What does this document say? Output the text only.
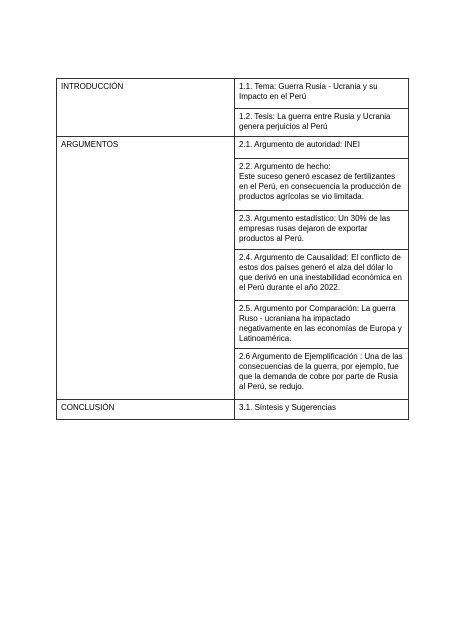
INTRODUCCIÓN	1.1. Tema: Guerra Rusia - Ucrania y su Impacto en el Perú
	1.2. Tesis: La guerra entre Rusia y Ucrania genera perjuicios al Perú
ARGUMENTOS	2.1. Argumento de autoridad: INEI
	2.2. Argumento de hecho:
Este suceso generó escasez de fertilizantes en el Perú, en consecuencia la producción de productos agrícolas se vio limitada.
	2.3. Argumento estadístico: Un 30% de las empresas rusas dejaron de exportar productos al Perú.
	2.4. Argumento de Causalidad: El conflicto de estos dos países generó el alza del dólar lo que derivó en una inestabilidad económica en el Perú durante el año 2022.
	2.5. Argumento por Comparación: La guerra Ruso - ucraniana ha impactado negativamente en las economías de Europa y Latinoamérica.
	2.6 Argumento de Ejemplificación : Una de las consecuencias de la guerra, por ejemplo, fue que la demanda de cobre por parte de Rusia al Perú, se redujo.
CONCLUSIÓN	3.1. Síntesis y Sugerencias
